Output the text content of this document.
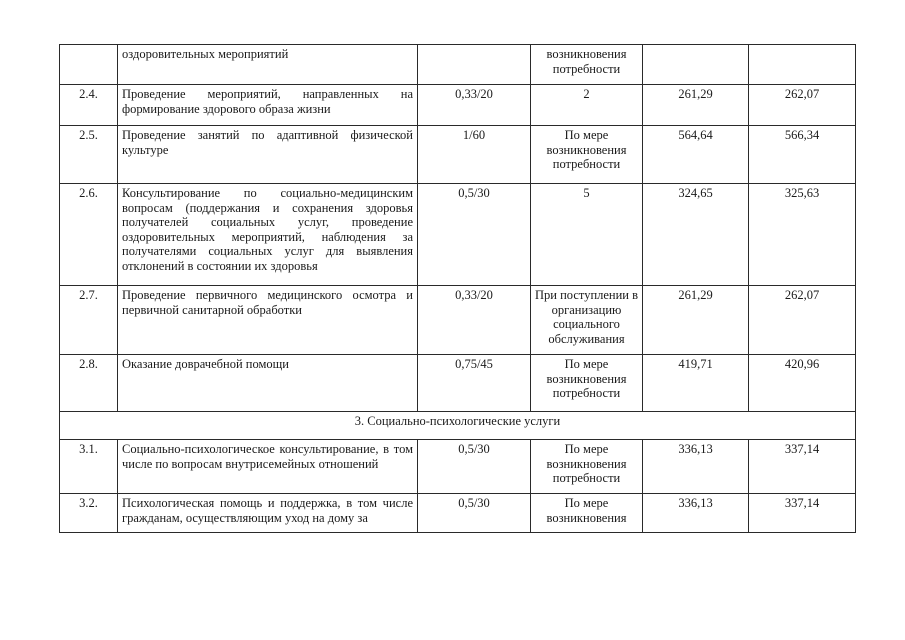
	оздоровительных мероприятий		возникновения потребности		
2.4.	Проведение мероприятий, направленных на формирование здорового образа жизни	0,33/20	2	261,29	262,07
2.5.	Проведение занятий по адаптивной физической культуре	1/60	По мере возникновения потребности	564,64	566,34
2.6.	Консультирование по социально-медицинским вопросам (поддержания и сохранения здоровья получателей социальных услуг, проведение оздоровительных мероприятий, наблюдения за получателями социальных услуг для выявления отклонений в состоянии их здоровья	0,5/30	5	324,65	325,63
2.7.	Проведение первичного медицинского осмотра и первичной санитарной обработки	0,33/20	При поступлении в организацию социального обслуживания	261,29	262,07
2.8.	Оказание доврачебной помощи	0,75/45	По мере возникновения потребности	419,71	420,96
3. Социально-психологические услуги					
3.1.	Социально-психологическое консультирование, в том числе по вопросам внутрисемейных отношений	0,5/30	По мере возникновения потребности	336,13	337,14
3.2.	Психологическая помощь и поддержка, в том числе гражданам, осуществляющим уход на дому за	0,5/30	По мере возникновения	336,13	337,14
